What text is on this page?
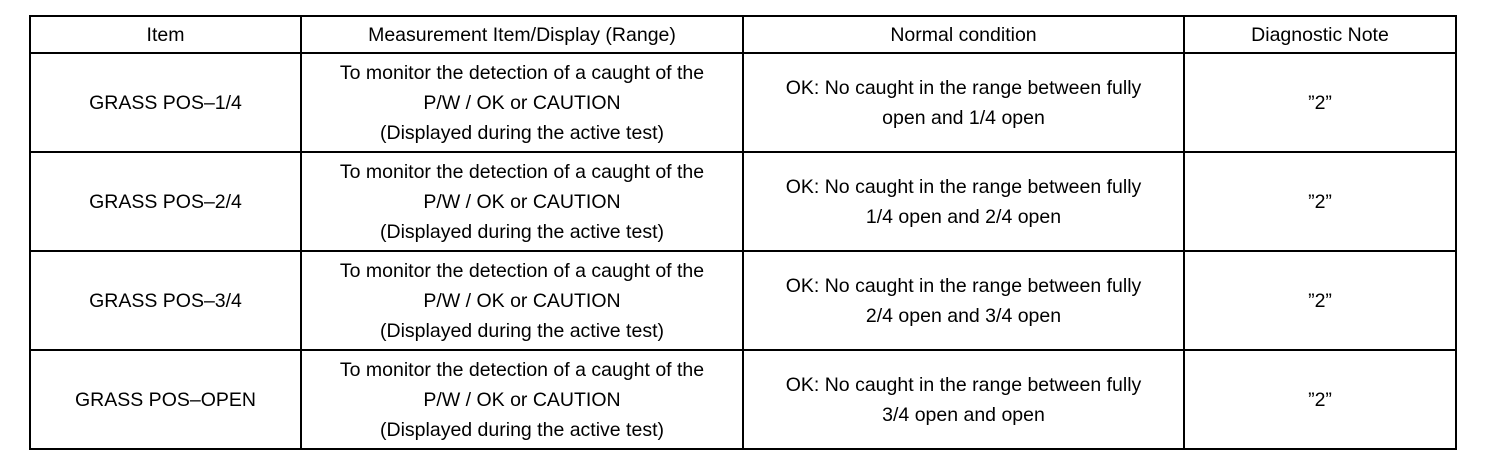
Item	Measurement Item/Display (Range)	Normal condition	Diagnostic Note
GRASS POS–1/4	To monitor the detection of a caught of the
P/W / OK or CAUTION
(Displayed during the active test)	OK: No caught in the range between fully
open and 1/4 open	”2”
GRASS POS–2/4	To monitor the detection of a caught of the
P/W / OK or CAUTION
(Displayed during the active test)	OK: No caught in the range between fully
1/4 open and 2/4 open	”2”
GRASS POS–3/4	To monitor the detection of a caught of the
P/W / OK or CAUTION
(Displayed during the active test)	OK: No caught in the range between fully
2/4 open and 3/4 open	”2”
GRASS POS–OPEN	To monitor the detection of a caught of the
P/W / OK or CAUTION
(Displayed during the active test)	OK: No caught in the range between fully
3/4 open and open	”2”
